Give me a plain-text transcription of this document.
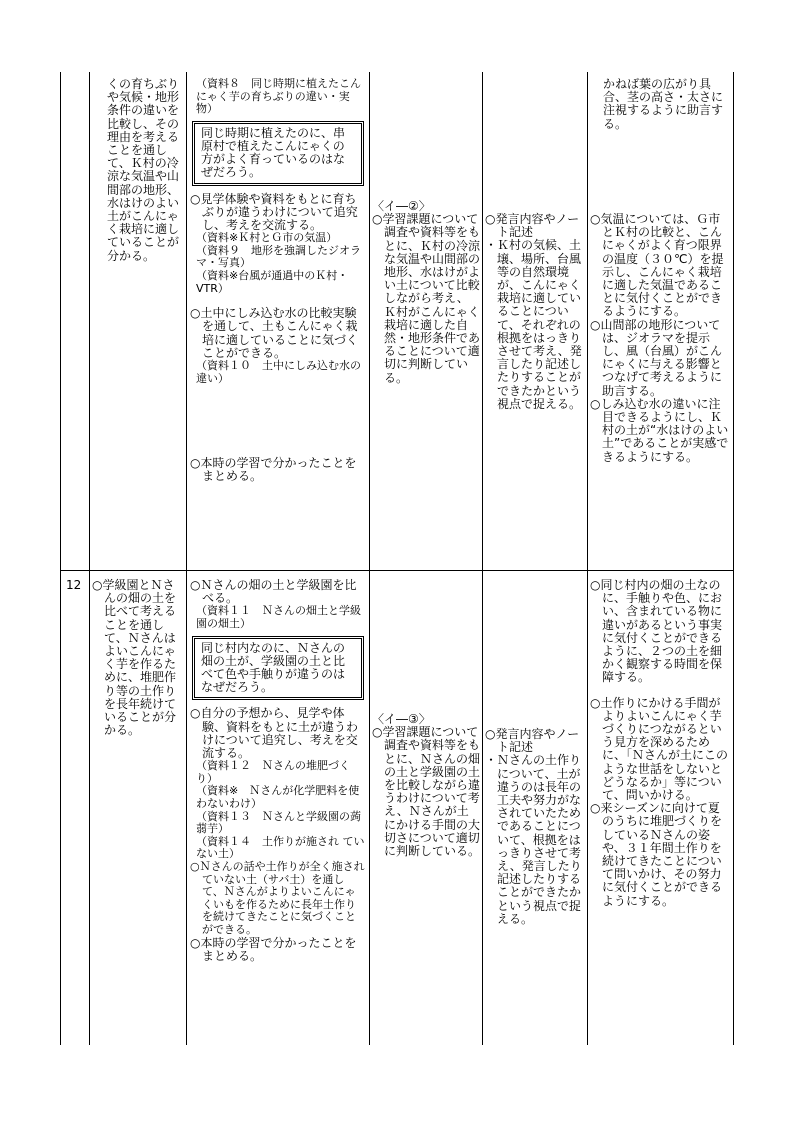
くの育ちぶりや気候・地形条件の違いを比較し、その理由を考えることを通して、Ｋ村の冷涼な気温や山間部の地形、水はけのよい土がこんにゃく栽培に適していることが分かる。

（資料８　同じ時期に植えたこんにゃく芋の育ちぶりの違い・実物）

同じ時期に植えたのに、串原村で植えたこんにゃくの方がよく育っているのはなぜだろう。

○見学体験や資料をもとに育ちぶりが違うわけについて追究し、考えを交流する。

（資料※Ｋ村とＧ市の気温）

（資料９　地形を強調したジオラマ・写真）

（資料※台風が通過中のＫ村・VTR）

○土中にしみ込む水の比較実験を通して、土もこんにゃく栽培に適していることに気づくことができる。

（資料１０　土中にしみ込む水の違い）

○本時の学習で分かったことをまとめる。

〈イ―②〉

○学習課題について調査や資料等をもとに、Ｋ村の冷涼な気温や山間部の地形、水はけがよい土について比較しながら考え、Ｋ村がこんにゃく栽培に適した自然・地形条件であることについて適切に判断している。

○発言内容やノート記述

・Ｋ村の気候、土壌、場所、台風等の自然環境が、こんにゃく栽培に適していることについて、それぞれの根拠をはっきりさせて考え、発言したり記述したりすることができたかという視点で捉える。

かねば葉の広がり具合、茎の高さ・太さに注視するように助言する。

○気温については、Ｇ市とＫ村の比較と、こんにゃくがよく育つ限界の温度（３０℃）を提示し、こんにゃく栽培に適した気温であることに気付くことができるようにする。

○山間部の地形については、ジオラマを提示し、風（台風）がこんにゃくに与える影響とつなげて考えるように助言する。

○しみ込む水の違いに注目できるようにし、Ｋ村の土が“水はけのよい土”であることが実感できるようにする。

12 ○学級園とＮさんの畑の土を比べて考えることを通して、Ｎさんはよいこんにゃく芋を作るために、堆肥作り等の土作りを長年続けていることが分かる。

○Ｎさんの畑の土と学級園を比べる。

（資料１１　Ｎさんの畑土と学級園の畑土）

同じ村内なのに、Ｎさんの畑の土が、学級園の土と比べて色や手触りが違うのはなぜだろう。

○自分の予想から、見学や体験、資料をもとに土が違うわけについて追究し、考えを交流する。

（資料１２　Ｎさんの堆肥づくり）

（資料※　Ｎさんが化学肥料を使わないわけ）

（資料１３　Ｎさんと学級園の蒟蒻芋）

（資料１４　土作りが施され ていない土）

○Ｎさんの話や土作りが全く施されていない土（サバ土）を通して、Ｎさんがよりよいこんにゃくいもを作るために長年土作りを続けてきたことに気づくことができる。

○本時の学習で分かったことをまとめる。

〈イ―③〉

○学習課題について調査や資料等をもとに、Ｎさんの畑の土と学級園の土を比較しながら違うわけについて考え、Ｎさんが土にかける手間の大切さについて適切に判断している。

○発言内容やノート記述

・Ｎさんの土作りについて、土が違うのは長年の工夫や努力がなされていたためであることについて、根拠をはっきりさせて考え、発言したり記述したりすることができたかという視点で捉える。

○同じ村内の畑の土なのに、手触りや色、におい、含まれている物に違いがあるという事実に気付くことができるように、２つの土を細かく観察する時間を保障する。

○土作りにかける手間がよりよいこんにゃく芋づくりにつながるという見方を深めるために、「Ｎさんが土にこのような世話をしないとどうなるか」等について、問いかける。

○来シーズンに向けて夏のうちに堆肥づくりをしているＮさんの姿や、３１年間土作りを続けてきたことについて問いかけ、その努力に気付くことができるようにする。
